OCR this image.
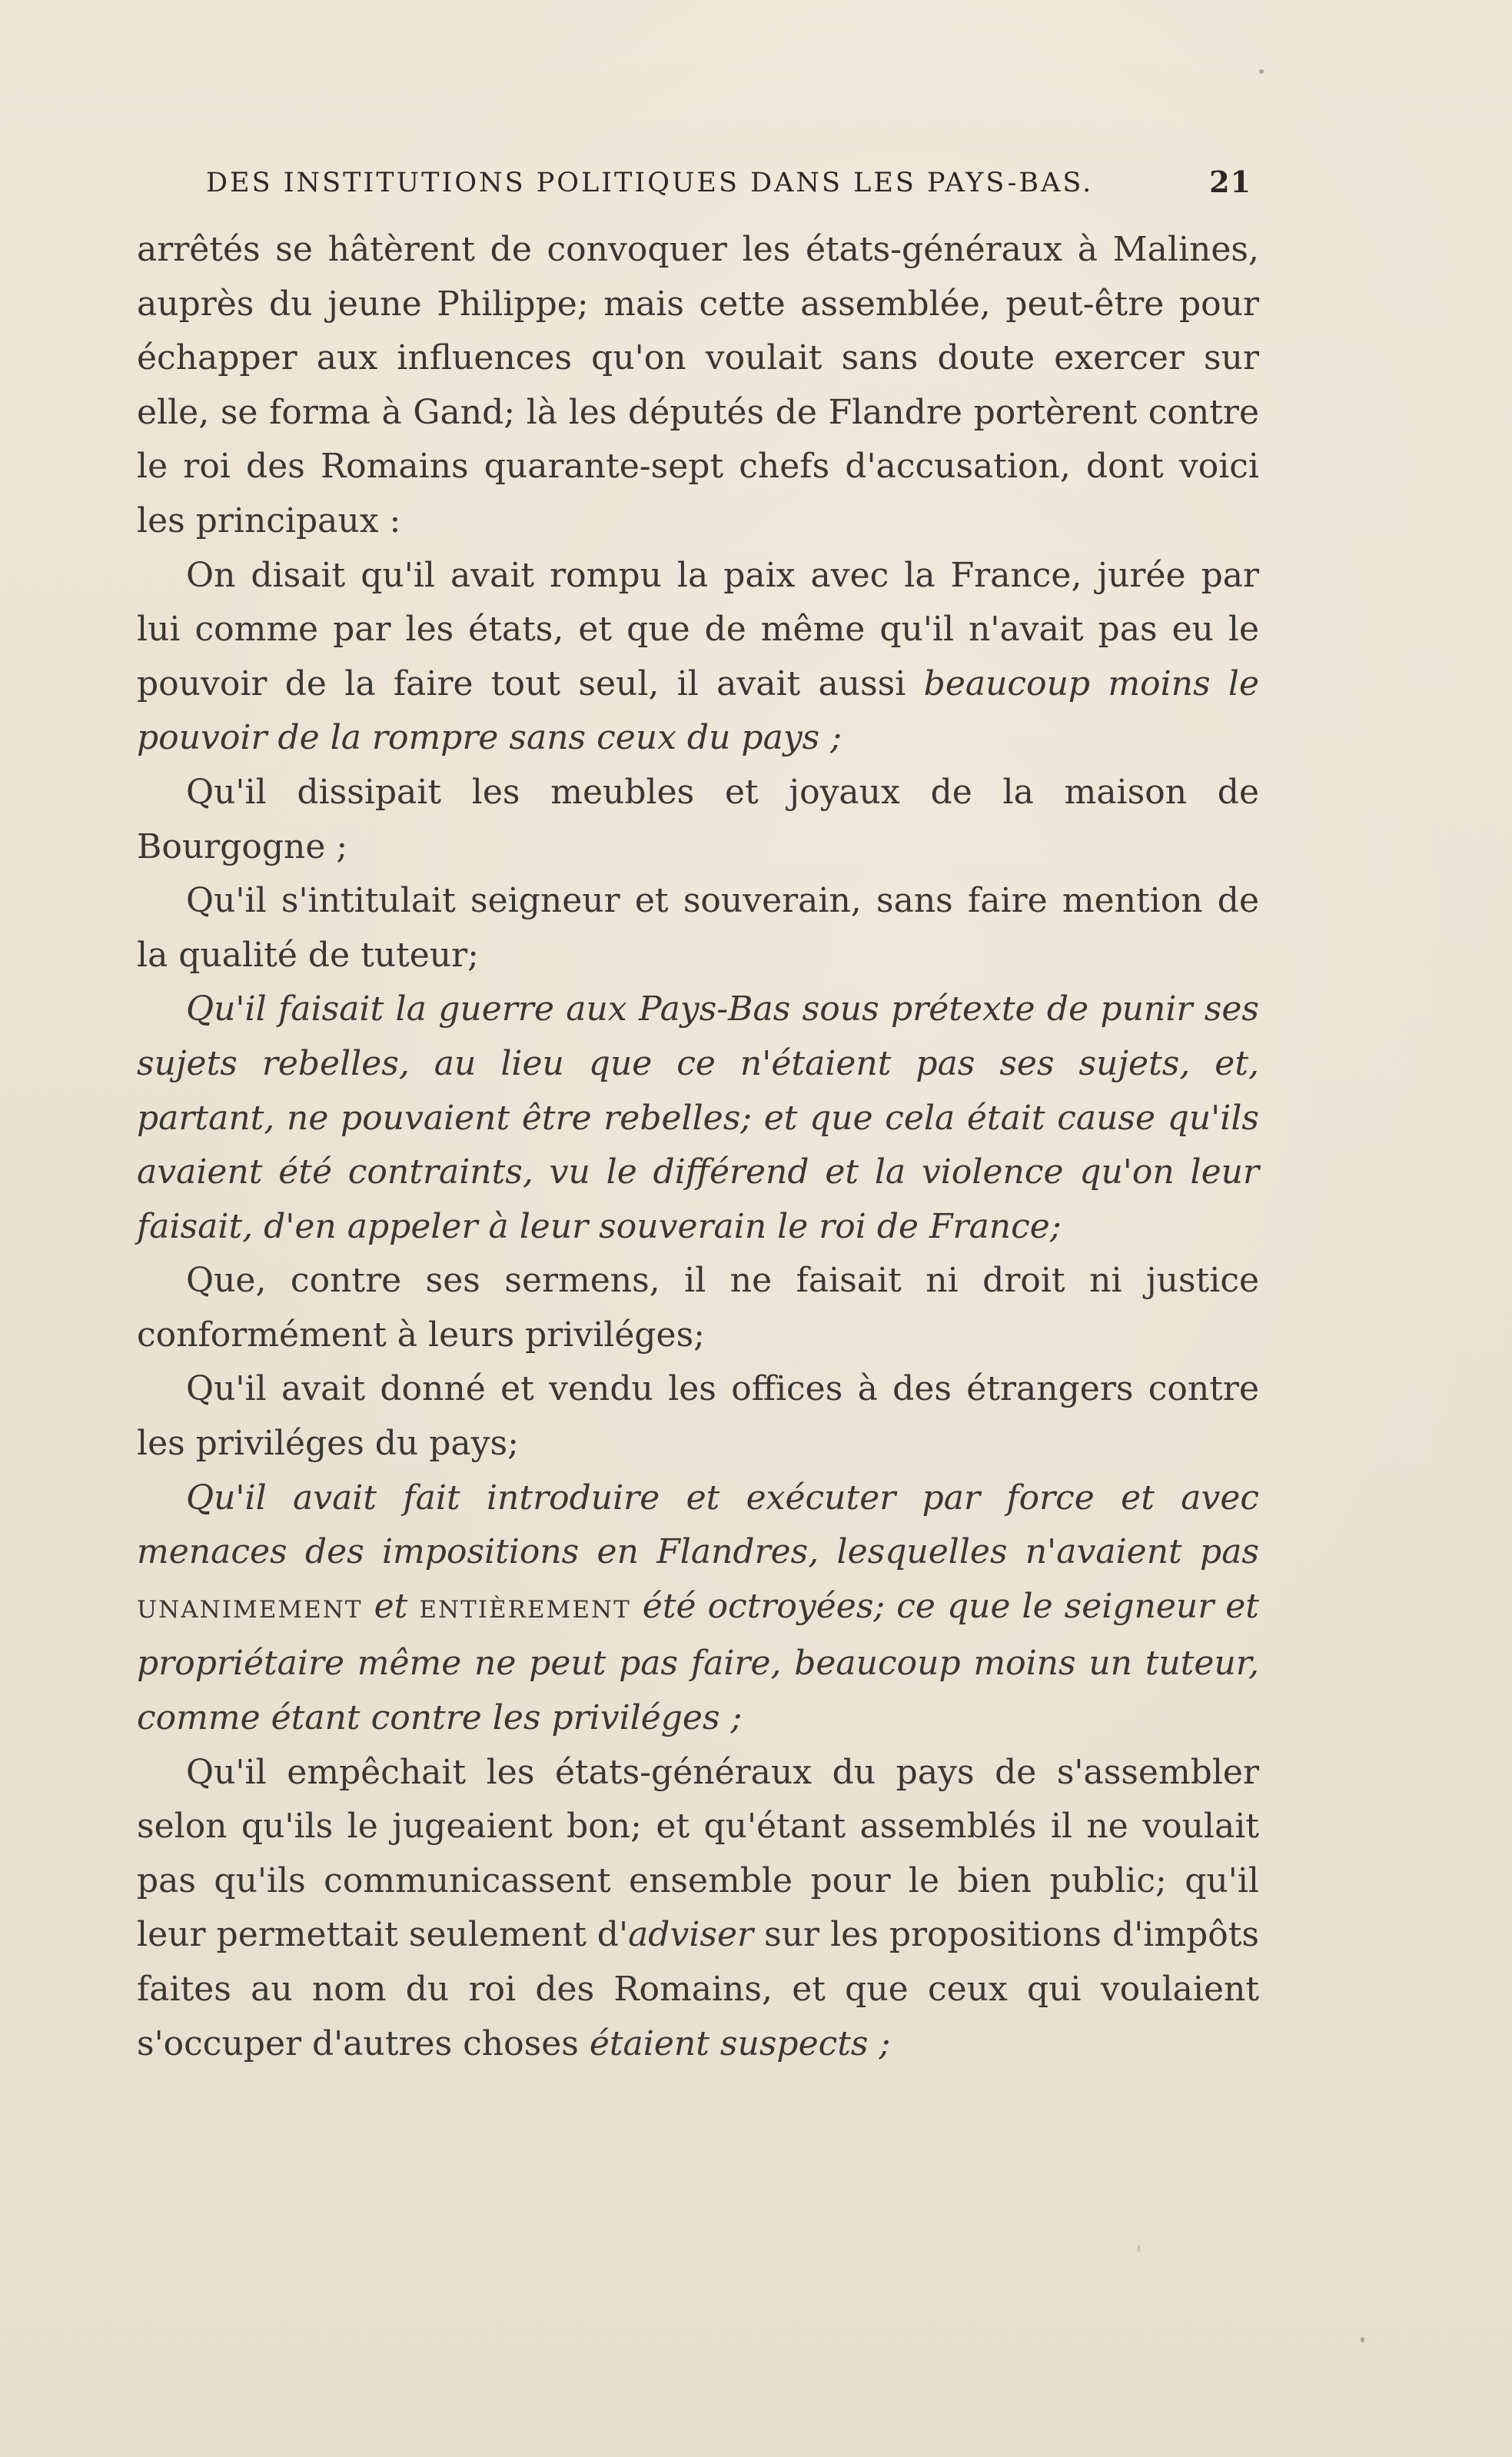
DES INSTITUTIONS POLITIQUES DANS LES PAYS-BAS.	21

arrêtés se hâtèrent de convoquer les états-généraux à Malines, auprès du jeune Philippe; mais cette assemblée, peut-être pour échapper aux influences qu'on voulait sans doute exercer sur elle, se forma à Gand; là les députés de Flandre portèrent contre le roi des Romains quarante-sept chefs d'accusation, dont voici les principaux :

On disait qu'il avait rompu la paix avec la France, jurée par lui comme par les états, et que de même qu'il n'avait pas eu le pouvoir de la faire tout seul, il avait aussi beaucoup moins le pouvoir de la rompre sans ceux du pays ;

Qu'il dissipait les meubles et joyaux de la maison de Bourgogne ;

Qu'il s'intitulait seigneur et souverain, sans faire mention de la qualité de tuteur;

Qu'il faisait la guerre aux Pays-Bas sous prétexte de punir ses sujets rebelles, au lieu que ce n'étaient pas ses sujets, et, partant, ne pouvaient être rebelles; et que cela était cause qu'ils avaient été contraints, vu le différend et la violence qu'on leur faisait, d'en appeler à leur souverain le roi de France;

Que, contre ses sermens, il ne faisait ni droit ni justice conformément à leurs priviléges;

Qu'il avait donné et vendu les offices à des étrangers contre les priviléges du pays;

Qu'il avait fait introduire et exécuter par force et avec menaces des impositions en Flandres, lesquelles n'avaient pas UNANIMEMENT et ENTIÈREMENT été octroyées; ce que le seigneur et propriétaire même ne peut pas faire, beaucoup moins un tuteur, comme étant contre les priviléges ;

Qu'il empêchait les états-généraux du pays de s'assembler selon qu'ils le jugeaient bon; et qu'étant assemblés il ne voulait pas qu'ils communicassent ensemble pour le bien public; qu'il leur permettait seulement d'adviser sur les propositions d'impôts faites au nom du roi des Romains, et que ceux qui voulaient s'occuper d'autres choses étaient suspects ;
